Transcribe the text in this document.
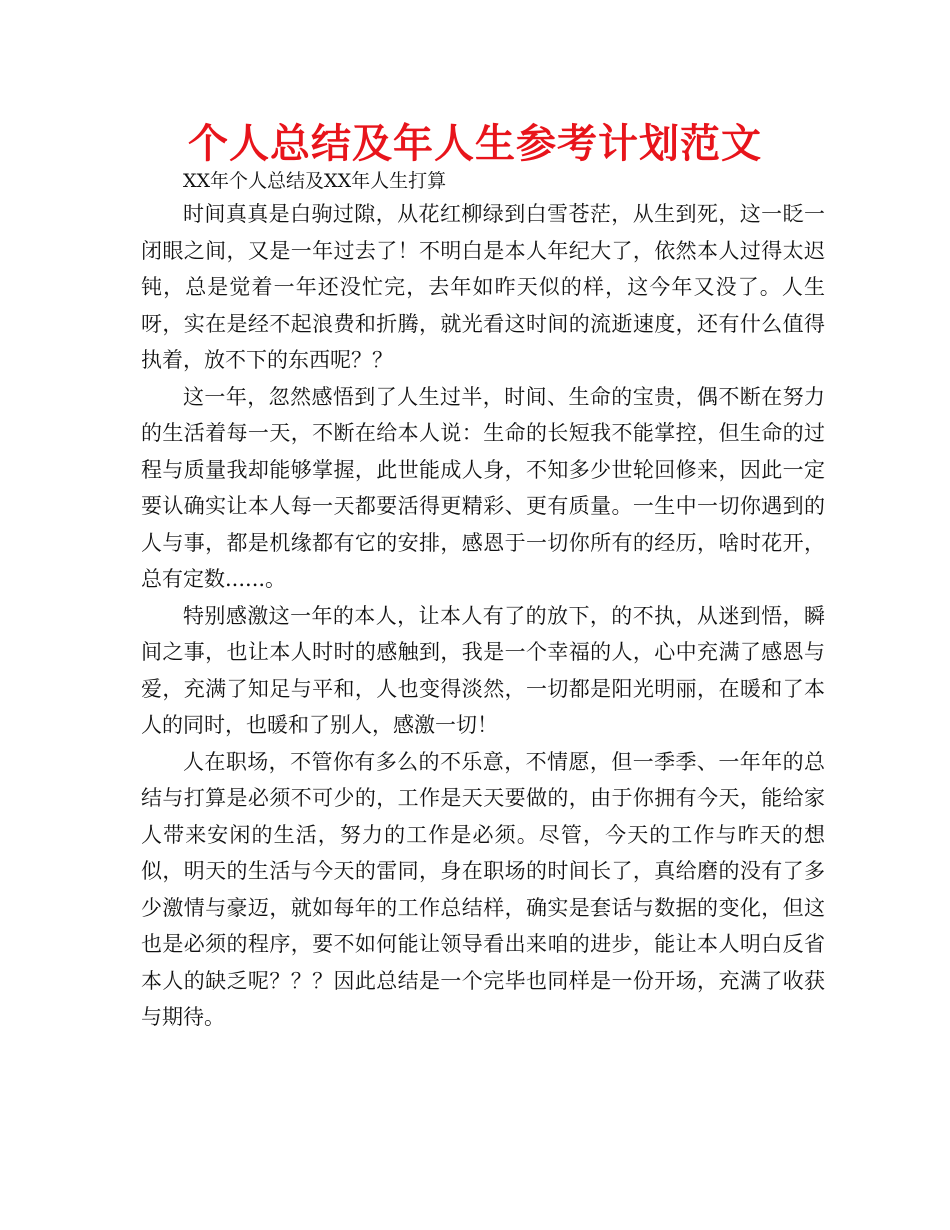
个人总结及年人生参考计划范文
XX年个人总结及XX年人生打算

时间真真是白驹过隙，从花红柳绿到白雪苍茫，从生到死，这一眨一闭眼之间，又是一年过去了！不明白是本人年纪大了，依然本人过得太迟钝，总是觉着一年还没忙完，去年如昨天似的样，这今年又没了。人生呀，实在是经不起浪费和折腾，就光看这时间的流逝速度，还有什么值得执着，放不下的东西呢？？

这一年，忽然感悟到了人生过半，时间、生命的宝贵，偶不断在努力的生活着每一天，不断在给本人说：生命的长短我不能掌控，但生命的过程与质量我却能够掌握，此世能成人身，不知多少世轮回修来，因此一定要认确实让本人每一天都要活得更精彩、更有质量。一生中一切你遇到的人与事，都是机缘都有它的安排，感恩于一切你所有的经历，啥时花开，总有定数......。

特别感激这一年的本人，让本人有了的放下，的不执，从迷到悟，瞬间之事，也让本人时时的感触到，我是一个幸福的人，心中充满了感恩与爱，充满了知足与平和，人也变得淡然，一切都是阳光明丽，在暖和了本人的同时，也暖和了别人，感激一切！

人在职场，不管你有多么的不乐意，不情愿，但一季季、一年年的总结与打算是必须不可少的，工作是天天要做的，由于你拥有今天，能给家人带来安闲的生活，努力的工作是必须。尽管，今天的工作与昨天的想似，明天的生活与今天的雷同，身在职场的时间长了，真给磨的没有了多少激情与豪迈，就如每年的工作总结样，确实是套话与数据的变化，但这也是必须的程序，要不如何能让领导看出来咱的进步，能让本人明白反省本人的缺乏呢？？？因此总结是一个完毕也同样是一份开场，充满了收获与期待。
